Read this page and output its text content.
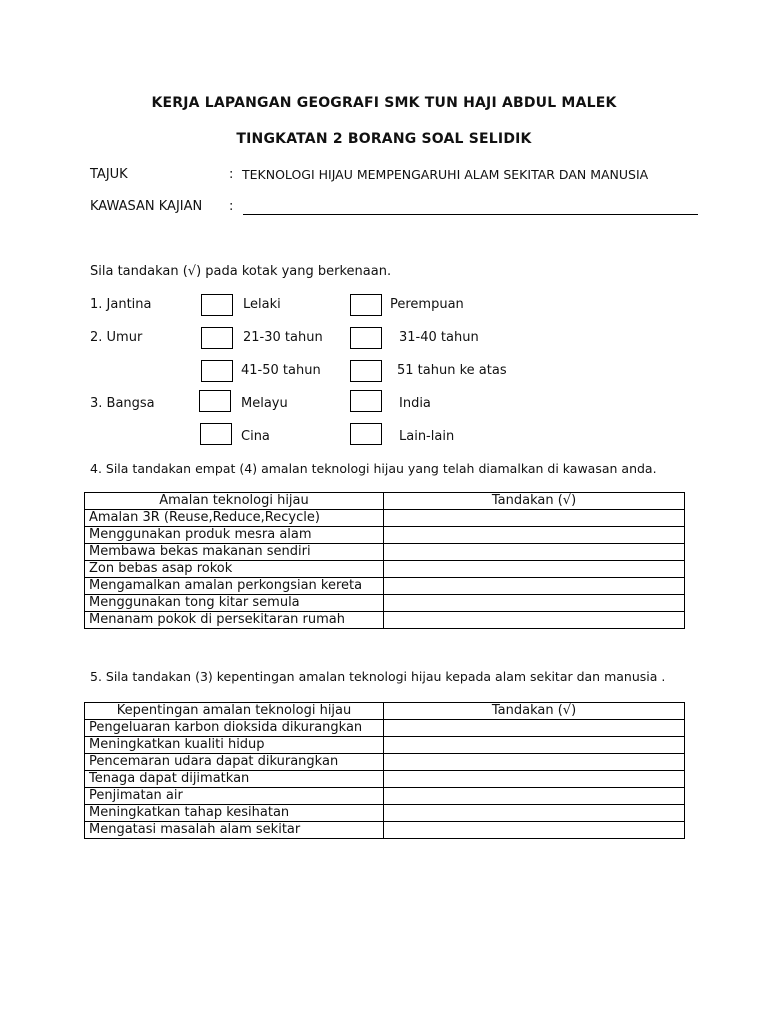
KERJA LAPANGAN GEOGRAFI SMK TUN HAJI ABDUL MALEK
TINGKATAN 2 BORANG SOAL SELIDIK
TAJUK	: TEKNOLOGI HIJAU MEMPENGARUHI ALAM SEKITAR DAN MANUSIA
KAWASAN KAJIAN :
Sila tandakan (√) pada kotak yang berkenaan.
1. Jantina	Lelaki	Perempuan
2. Umur	21-30 tahun	31-40 tahun
41-50 tahun	51 tahun ke atas
3. Bangsa	Melayu	India
Cina	Lain-lain
4. Sila tandakan empat (4) amalan teknologi hijau yang telah diamalkan di kawasan anda.
Amalan teknologi hijau	Tandakan (√)
Amalan 3R (Reuse,Reduce,Recycle)	
Menggunakan produk mesra alam	
Membawa bekas makanan sendiri	
Zon bebas asap rokok	
Mengamalkan amalan perkongsian kereta	
Menggunakan tong kitar semula	
Menanam pokok di persekitaran rumah	
5. Sila tandakan (3) kepentingan amalan teknologi hijau kepada alam sekitar dan manusia .
Kepentingan amalan teknologi hijau	Tandakan (√)
Pengeluaran karbon dioksida dikurangkan	
Meningkatkan kualiti hidup	
Pencemaran udara dapat dikurangkan	
Tenaga dapat dijimatkan	
Penjimatan air	
Meningkatkan tahap kesihatan	
Mengatasi masalah alam sekitar	
